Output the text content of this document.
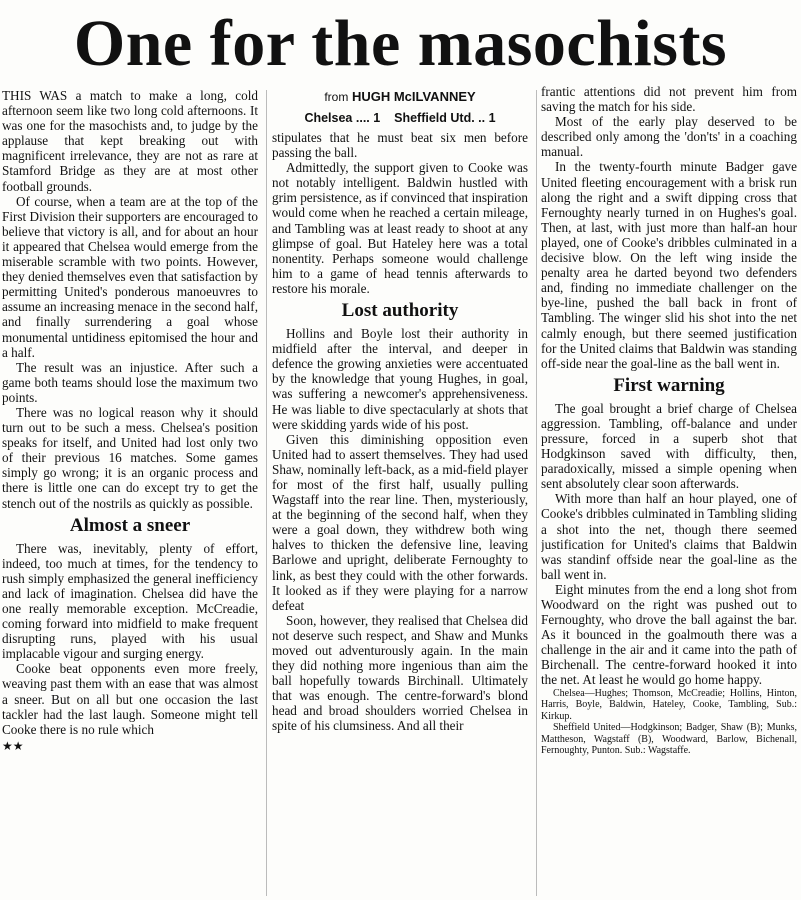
One for the masochists

THIS WAS a match to make a long, cold afternoon seem like two long cold afternoons. It was one for the masochists and, to judge by the applause that kept breaking out with magnificent irrelevance, they are not as rare at Stamford Bridge as they are at most other football grounds.

Of course, when a team are at the top of the First Division their supporters are encouraged to believe that victory is all, and for about an hour it appeared that Chelsea would emerge from the miserable scramble with two points. However, they denied themselves even that satisfaction by permitting United's ponderous manoeuvres to assume an increasing menace in the second half, and finally surrendering a goal whose monumental untidiness epitomised the hour and a half.

The result was an injustice. After such a game both teams should lose the maximum two points.

There was no logical reason why it should turn out to be such a mess. Chelsea's position speaks for itself, and United had lost only two of their previous 16 matches. Some games simply go wrong; it is an organic process and there is little one can do except try to get the stench out of the nostrils as quickly as possible.

Almost a sneer

There was, inevitably, plenty of effort, indeed, too much at times, for the tendency to rush simply emphasized the general inefficiency and lack of imagination. Chelsea did have the one really memorable exception. McCreadie, coming forward into midfield to make frequent disrupting runs, played with his usual implacable vigour and surging energy.

Cooke beat opponents even more freely, weaving past them with an ease that was almost a sneer. But on all but one occasion the last tackler had the last laugh. Someone might tell Cooke there is no rule which

★★
from HUGH McILVANNEY
Chelsea .... 1 Sheffield Utd. .. 1

stipulates that he must beat six men before passing the ball.

Admittedly, the support given to Cooke was not notably intelligent. Baldwin hustled with grim persistence, as if convinced that inspiration would come when he reached a certain mileage, and Tambling was at least ready to shoot at any glimpse of goal. But Hateley here was a total nonentity. Perhaps someone would challenge him to a game of head tennis afterwards to restore his morale.

Lost authority

Hollins and Boyle lost their authority in midfield after the interval, and deeper in defence the growing anxieties were accentuated by the knowledge that young Hughes, in goal, was suffering a newcomer's apprehensiveness. He was liable to dive spectacularly at shots that were skidding yards wide of his post.

Given this diminishing opposition even United had to assert themselves. They had used Shaw, nominally left-back, as a mid-field player for most of the first half, usually pulling Wagstaff into the rear line. Then, mysteriously, at the beginning of the second half, when they were a goal down, they withdrew both wing halves to thicken the defensive line, leaving Barlowe and upright, deliberate Fernoughty to link, as best they could with the other forwards. It looked as if they were playing for a narrow defeat

Soon, however, they realised that Chelsea did not deserve such respect, and Shaw and Munks moved out adventurously again. In the main they did nothing more ingenious than aim the ball hopefully towards Birchinall. Ultimately that was enough. The centre-forward's blond head and broad shoulders worried Chelsea in spite of his clumsiness. And all their

frantic attentions did not prevent him from saving the match for his side.

Most of the early play deserved to be described only among the 'don'ts' in a coaching manual.

In the twenty-fourth minute Badger gave United fleeting encouragement with a brisk run along the right and a swift dipping cross that Fernoughty nearly turned in on Hughes's goal. Then, at last, with just more than half-an hour played, one of Cooke's dribbles culminated in a decisive blow. On the left wing inside the penalty area he darted beyond two defenders and, finding no immediate challenger on the bye-line, pushed the ball back in front of Tambling. The winger slid his shot into the net calmly enough, but there seemed justification for the United claims that Baldwin was standing off-side near the goal-line as the ball went in.

First warning

The goal brought a brief charge of Chelsea aggression. Tambling, off-balance and under pressure, forced in a superb shot that Hodgkinson saved with difficulty, then, paradoxically, missed a simple opening when sent absolutely clear soon afterwards.

With more than half an hour played, one of Cooke's dribbles culminated in Tambling sliding a shot into the net, though there seemed justification for United's claims that Baldwin was standinf offside near the goal-line as the ball went in.

Eight minutes from the end a long shot from Woodward on the right was pushed out to Fernoughty, who drove the ball against the bar. As it bounced in the goalmouth there was a challenge in the air and it came into the path of Birchenall. The centre-forward hooked it into the net. At least he would go home happy.

Chelsea—Hughes; Thomson, McCreadie; Hollins, Hinton, Harris, Boyle, Baldwin, Hateley, Cooke, Tambling, Sub.: Kirkup.

Sheffield United—Hodgkinson; Badger, Shaw (B); Munks, Mattheson, Wagstaff (B), Woodward, Barlow, Bichenall, Fernoughty, Punton. Sub.: Wagstaffe.
